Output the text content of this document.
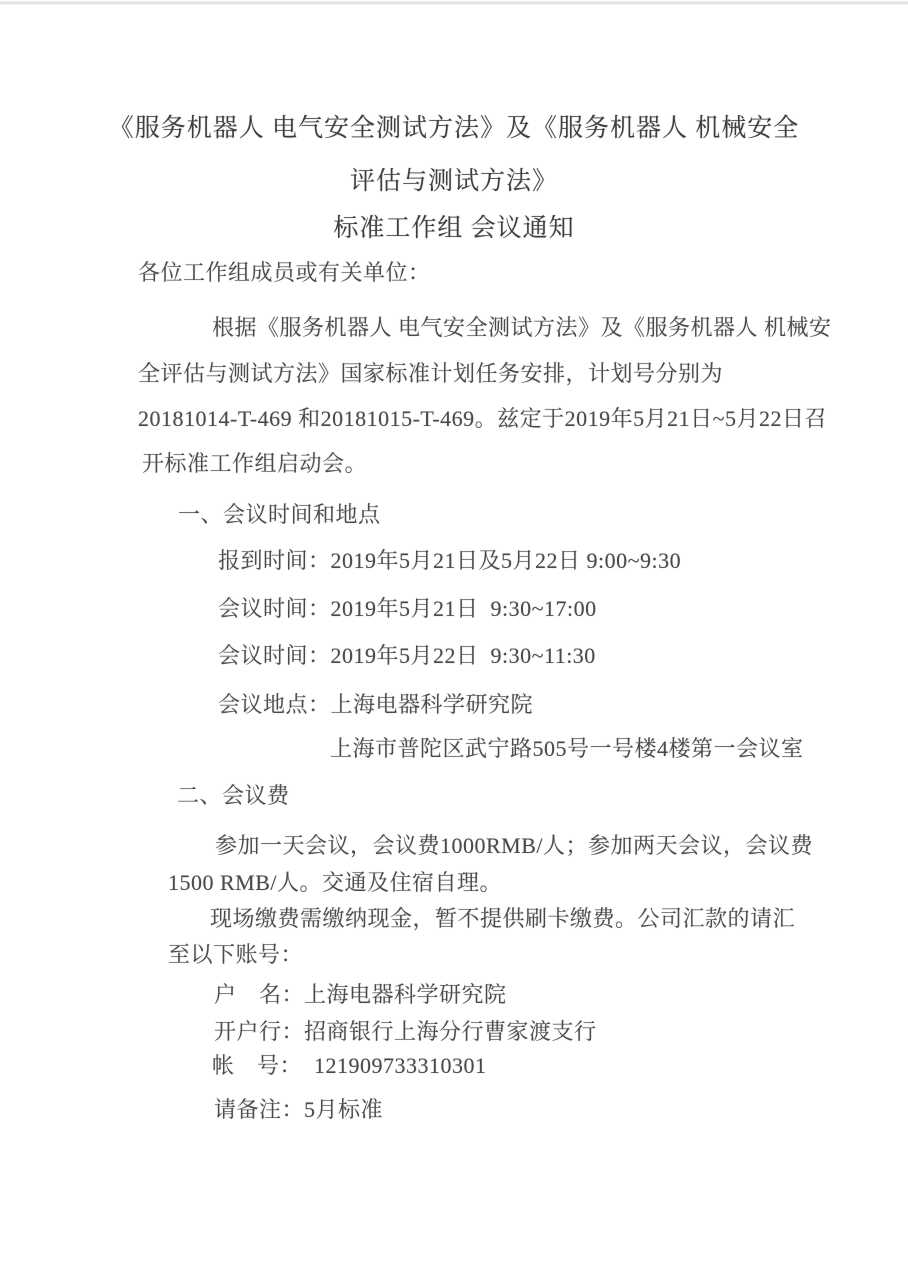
《服务机器人 电气安全测试方法》及《服务机器人 机械安全
评估与测试方法》
标准工作组 会议通知
各位工作组成员或有关单位：
根据《服务机器人 电气安全测试方法》及《服务机器人 机械安
全评估与测试方法》国家标准计划任务安排，计划号分别为
20181014-T-469 和20181015-T-469。兹定于2019年5月21日~5月22日召
开标准工作组启动会。
一、会议时间和地点
报到时间：2019年5月21日及5月22日 9:00~9:30
会议时间：2019年5月21日  9:30~17:00
会议时间：2019年5月22日  9:30~11:30
会议地点：上海电器科学研究院
上海市普陀区武宁路505号一号楼4楼第一会议室
二、会议费
参加一天会议，会议费1000RMB/人；参加两天会议，会议费
1500 RMB/人。交通及住宿自理。
现场缴费需缴纳现金，暂不提供刷卡缴费。公司汇款的请汇
至以下账号：
户　名：上海电器科学研究院
开户行：招商银行上海分行曹家渡支行
帐　号：  121909733310301
请备注：5月标准
